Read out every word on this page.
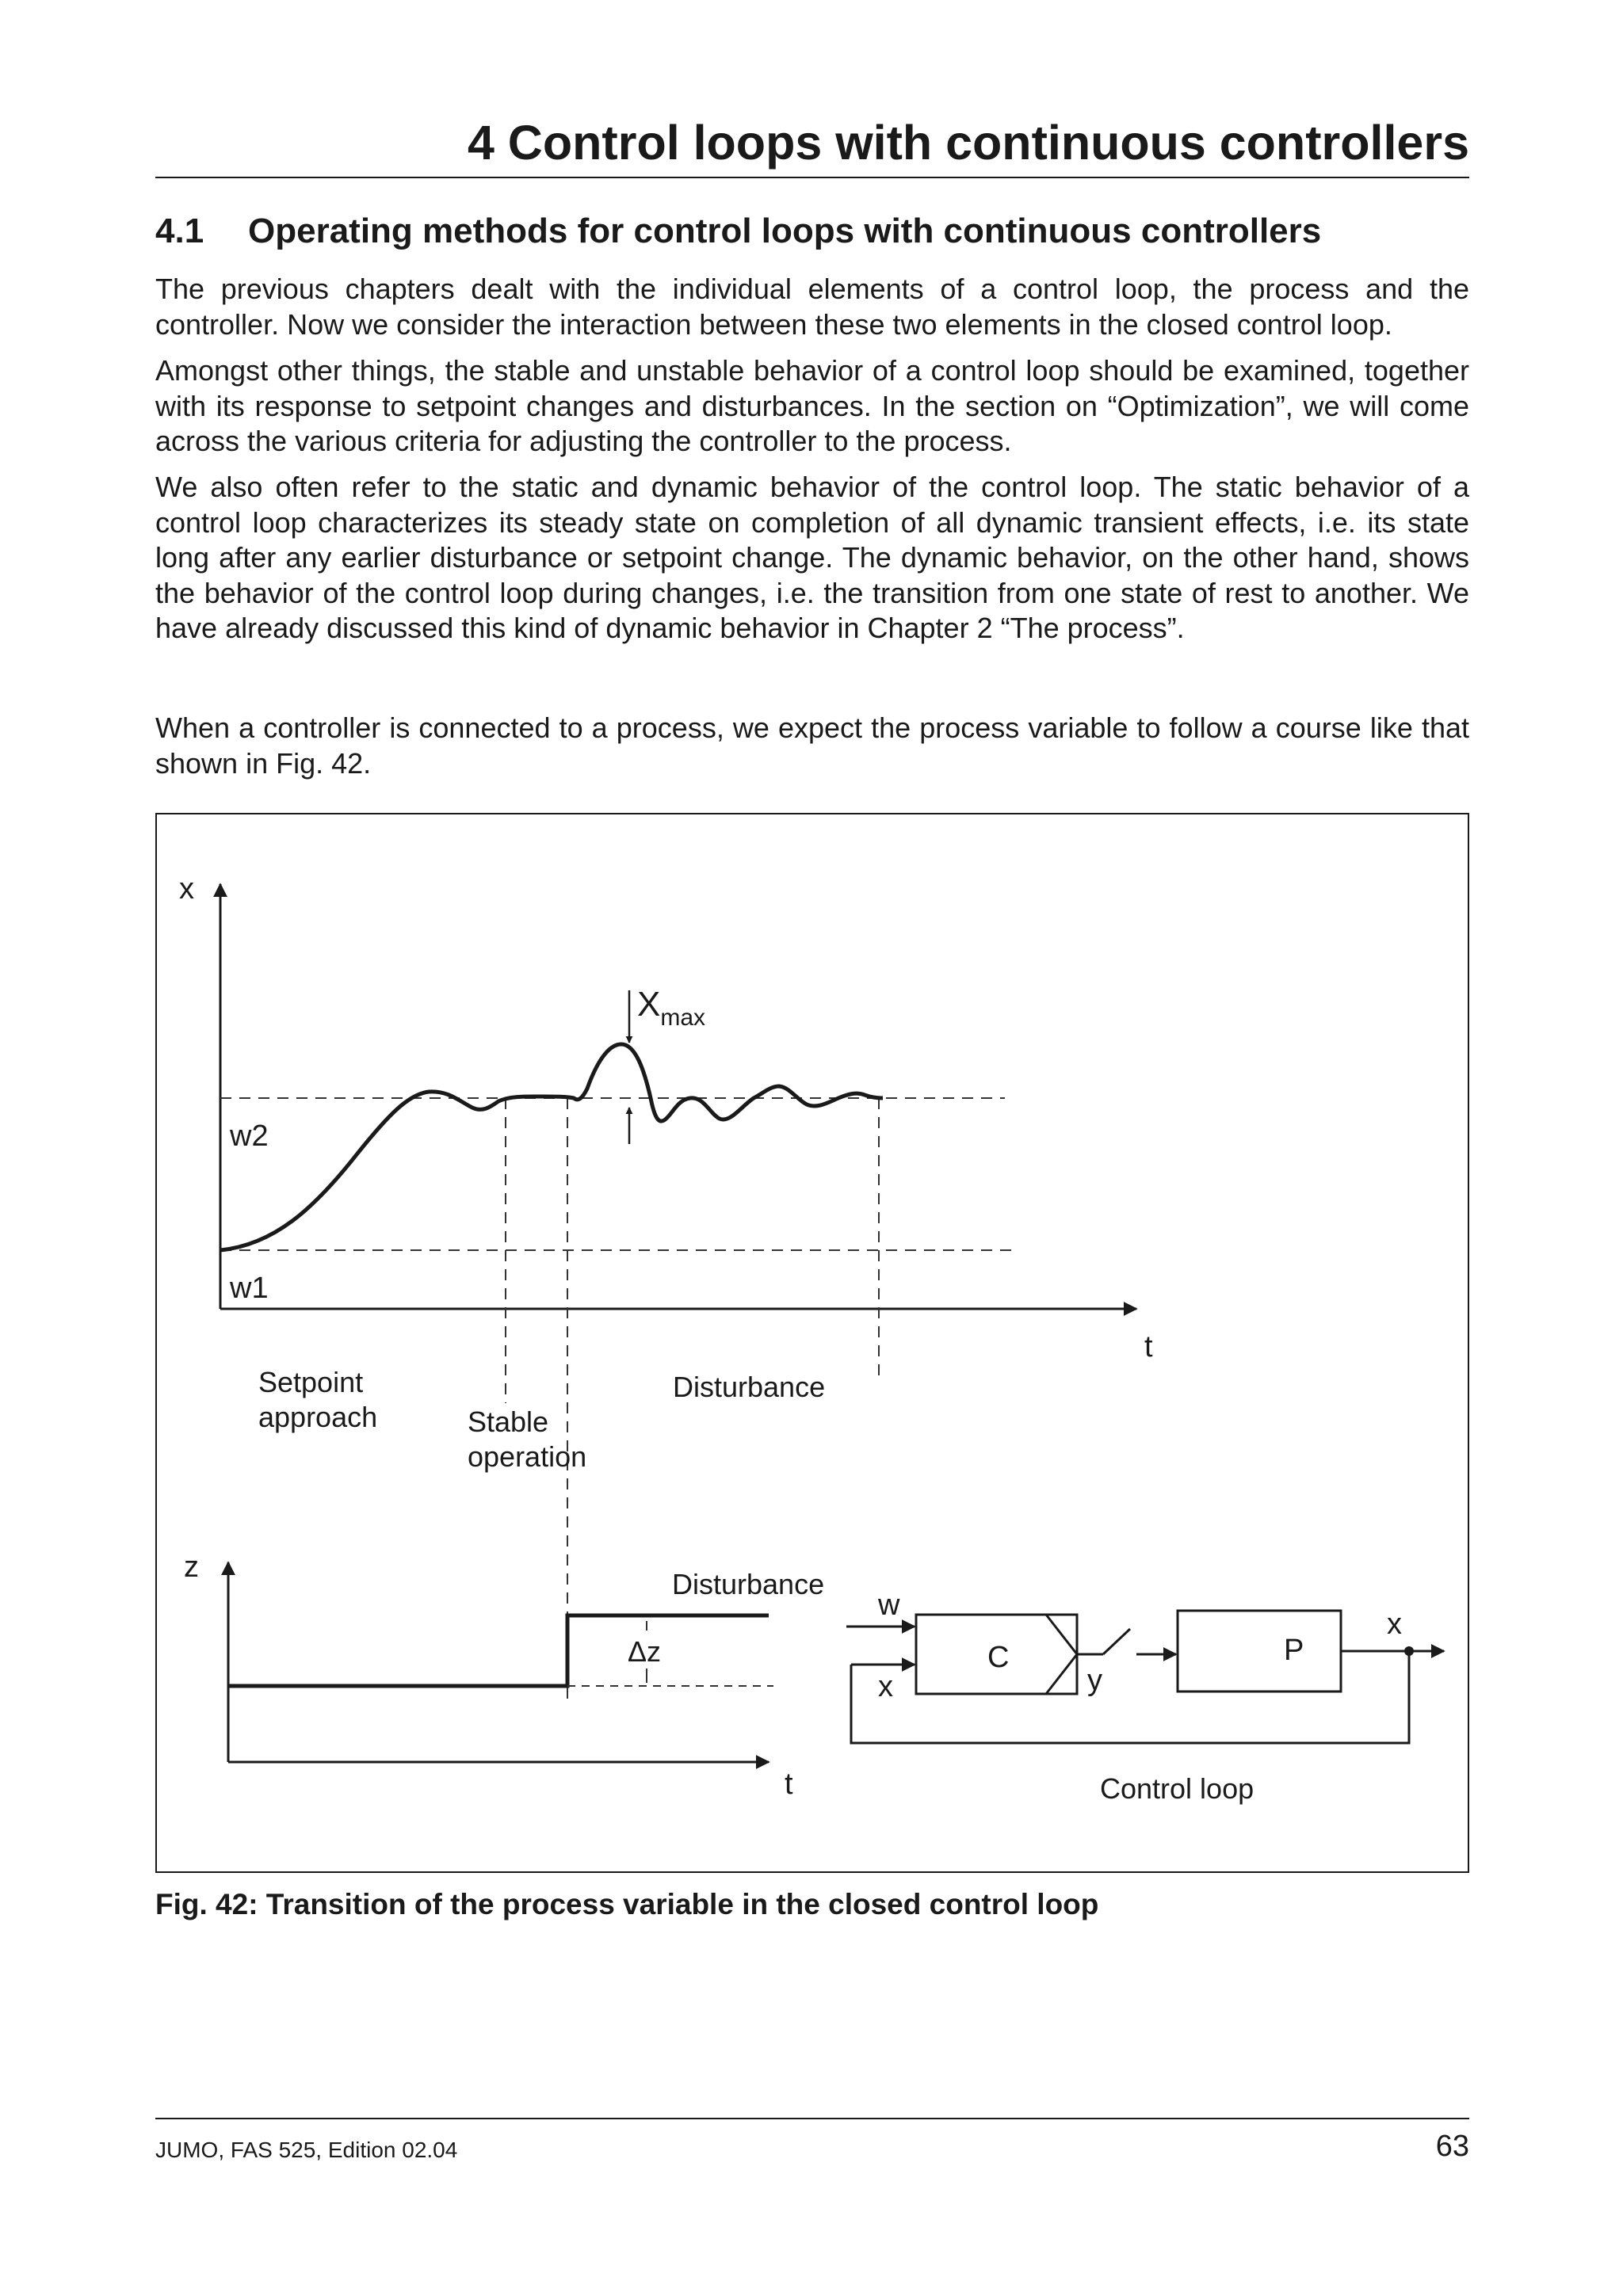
4 Control loops with continuous controllers
4.1 Operating methods for control loops with continuous controllers

The previous chapters dealt with the individual elements of a control loop, the process and the controller. Now we consider the interaction between these two elements in the closed control loop.

Amongst other things, the stable and unstable behavior of a control loop should be examined, together with its response to setpoint changes and disturbances. In the section on “Optimization”, we will come across the various criteria for adjusting the controller to the process.

We also often refer to the static and dynamic behavior of the control loop. The static behavior of a control loop characterizes its steady state on completion of all dynamic transient effects, i.e. its state long after any earlier disturbance or setpoint change. The dynamic behavior, on the other hand, shows the behavior of the control loop during changes, i.e. the transition from one state of rest to another. We have already discussed this kind of dynamic behavior in Chapter 2 “The process”.

When a controller is connected to a process, we expect the process variable to follow a course like that shown in Fig. 42.

x
t
w2
w1
$X_{max}$
Setpoint
approach	Stable
operation
Disturbance
z
t
Disturbance
Δz
w
x
C
y
P
x
Control loop

Fig. 42: Transition of the process variable in the closed control loop

JUMO, FAS 525, Edition 02.04	63
